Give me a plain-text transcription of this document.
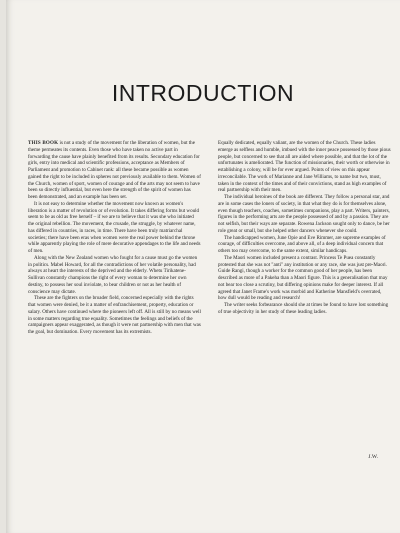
INTRODUCTION

THIS BOOK is not a study of the movement for the liberation of women, but the theme permeates its contents. Even those who have taken no active part in forwarding the cause have plainly benefited from its results. Secondary education for girls, entry into medical and scientific professions, acceptance as Members of Parliament and promotion to Cabinet rank: all these became possible as women gained the right to be included in spheres not previously available to them. Women of the Church, women of sport, women of courage and of the arts may not seem to have been so directly influential, but even here the strength of the spirit of women has been demonstrated, and an example has been set.

It is not easy to determine whether the movement now known as women's liberation is a matter of revolution or of evolution. It takes differing forms but would seem to be as old as free herself – if we are to believe that it was she who initiated the original rebellion. The movement, the crusade, the struggle, by whatever name, has differed in countries, in races, in time. There have been truly matriarchal societies; there have been eras when women were the real power behind the throne while apparently playing the role of mere decorative appendages to the life and needs of men.

Along with the New Zealand women who fought for a cause must go the women in politics. Mabel Howard, for all the contradictions of her volatile personality, had always at heart the interests of the deprived and the elderly. Whetu Tirikatene-Sullivan constantly champions the right of every woman to determine her own destiny, to possess her soul inviolate, to bear children or not as her health of conscience may dictate.

These are the fighters on the broader field, concerned especially with the rights that women were denied, be it a matter of enfranchisement, property, education or salary. Others have continued where the pioneers left off. All is still by no means well in some matters regarding true equality. Sometimes the feelings and beliefs of the campaigners appear exaggerated, as though it were not partnership with men that was the goal, but domination. Every movement has its extremists.

Equally dedicated, equally valiant, are the women of the Church. These ladies emerge as selfless and humble, imbued with the inner peace possessed by those pious people, but concerned to see that all are aided where possible, and that the lot of the unfortunates is ameliorated. The function of missionaries, their worth or otherwise in establishing a colony, will be for ever argued. Points of view on this appear irreconcilable. The work of Marianne and Jane Williams, to name but two, must, taken in the context of the times and of their convictions, stand as high examples of real partnership with their men.

The individual heroines of the book are different. They follow a personal star, and are in some cases the loners of society, in that what they do is for themselves alone, even though teachers, coaches, sometimes companions, play a part. Writers, painters, figures in the performing arts are the people possessed of and by a passion. They are not selfish, but their ways are separate. Rowena Jackson sought only to dance, be her role great or small, but she helped other dancers whenever she could.

The handicapped women, June Opie and Eve Rimmer, are supreme examples of courage, of difficulties overcome, and above all, of a deep individual concern that others too may overcome, to the same extent, similar handicaps.

The Maori women included present a contrast. Princess Te Puea constantly protested that she was not "anti" any institution or any race, she was just pre-Maori. Guide Rangi, though a worker for the common good of her people, has been described as more of a Pakeha than a Maori figure. This is a generalisation that may not bear too close a scrutiny, but differing opinions make for deeper interest. If all agreed that Janet Frame's work was morbid and Katherine Mansfield's overrated, how dull would be reading and research!

The writer seeks forbearance should she at times be found to have lost something of true objectivity in her study of these leading ladies.

J.W.
